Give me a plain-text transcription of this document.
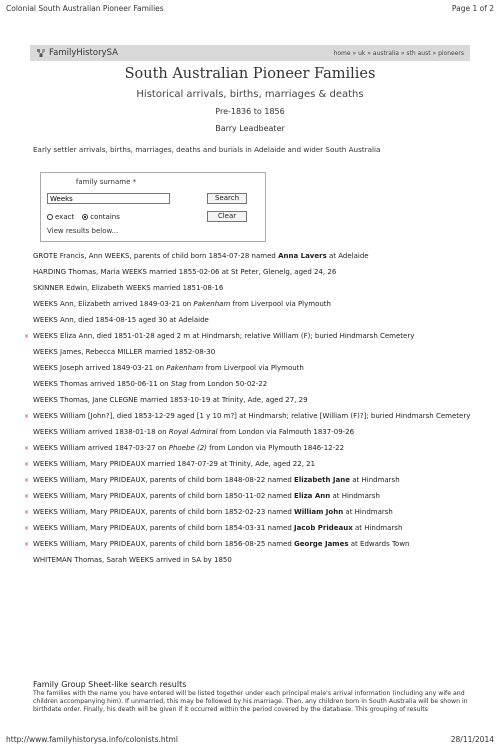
Colonial South Australian Pioneer Families	Page 1 of 2
FamilyHistorySA	home » uk » australia » sth aust » pioneers
South Australian Pioneer Families
Historical arrivals, births, marriages & deaths
Pre-1836 to 1856
Barry Leadbeater
Early settler arrivals, births, marriages, deaths and burials in Adelaide and wider South Australia
family surname *
Weeks
Search
exact contains	Clear
View results below...
GROTE Francis, Ann WEEKS, parents of child born 1854-07-28 named Anna Lavers at Adelaide
HARDING Thomas, Maria WEEKS married 1855-02-06 at St Peter, Glenelg, aged 24, 26
SKINNER Edwin, Elizabeth WEEKS married 1851-08-16
WEEKS Ann, Elizabeth arrived 1849-03-21 on Pakenham from Liverpool via Plymouth
WEEKS Ann, died 1854-08-15 aged 30 at Adelaide
× WEEKS Eliza Ann, died 1851-01-28 aged 2 m at Hindmarsh; relative William (F); buried Hindmarsh Cemetery
WEEKS James, Rebecca MILLER married 1852-08-30
WEEKS Joseph arrived 1849-03-21 on Pakenham from Liverpool via Plymouth
WEEKS Thomas arrived 1850-06-11 on Stag from London 50-02-22
WEEKS Thomas, Jane CLEGNE married 1853-10-19 at Trinity, Ade, aged 27, 29
× WEEKS William [John?], died 1853-12-29 aged [1 y 10 m?] at Hindmarsh; relative [William (F)?]; buried Hindmarsh Cemetery
WEEKS William arrived 1838-01-18 on Royal Admiral from London via Falmouth 1837-09-26
× WEEKS William arrived 1847-03-27 on Phoebe (2) from London via Plymouth 1846-12-22
× WEEKS William, Mary PRIDEAUX married 1847-07-29 at Trinity, Ade, aged 22, 21
× WEEKS William, Mary PRIDEAUX, parents of child born 1848-08-22 named Elizabeth Jane at Hindmarsh
× WEEKS William, Mary PRIDEAUX, parents of child born 1850-11-02 named Eliza Ann at Hindmarsh
× WEEKS William, Mary PRIDEAUX, parents of child born 1852-02-23 named William John at Hindmarsh
× WEEKS William, Mary PRIDEAUX, parents of child born 1854-03-31 named Jacob Prideaux at Hindmarsh
× WEEKS William, Mary PRIDEAUX, parents of child born 1856-08-25 named George James at Edwards Town
WHITEMAN Thomas, Sarah WEEKS arrived in SA by 1850
Family Group Sheet-like search results
The families with the name you have entered will be listed together under each principal male's arrival information (including any wife and children accompanying him). If unmarried, this may be followed by his marriage. Then, any children born in South Australia will be shown in birthdate order. Finally, his death will be given if it occurred within the period covered by the database. This grouping of results
http://www.familyhistorysa.info/colonists.html	28/11/2014
